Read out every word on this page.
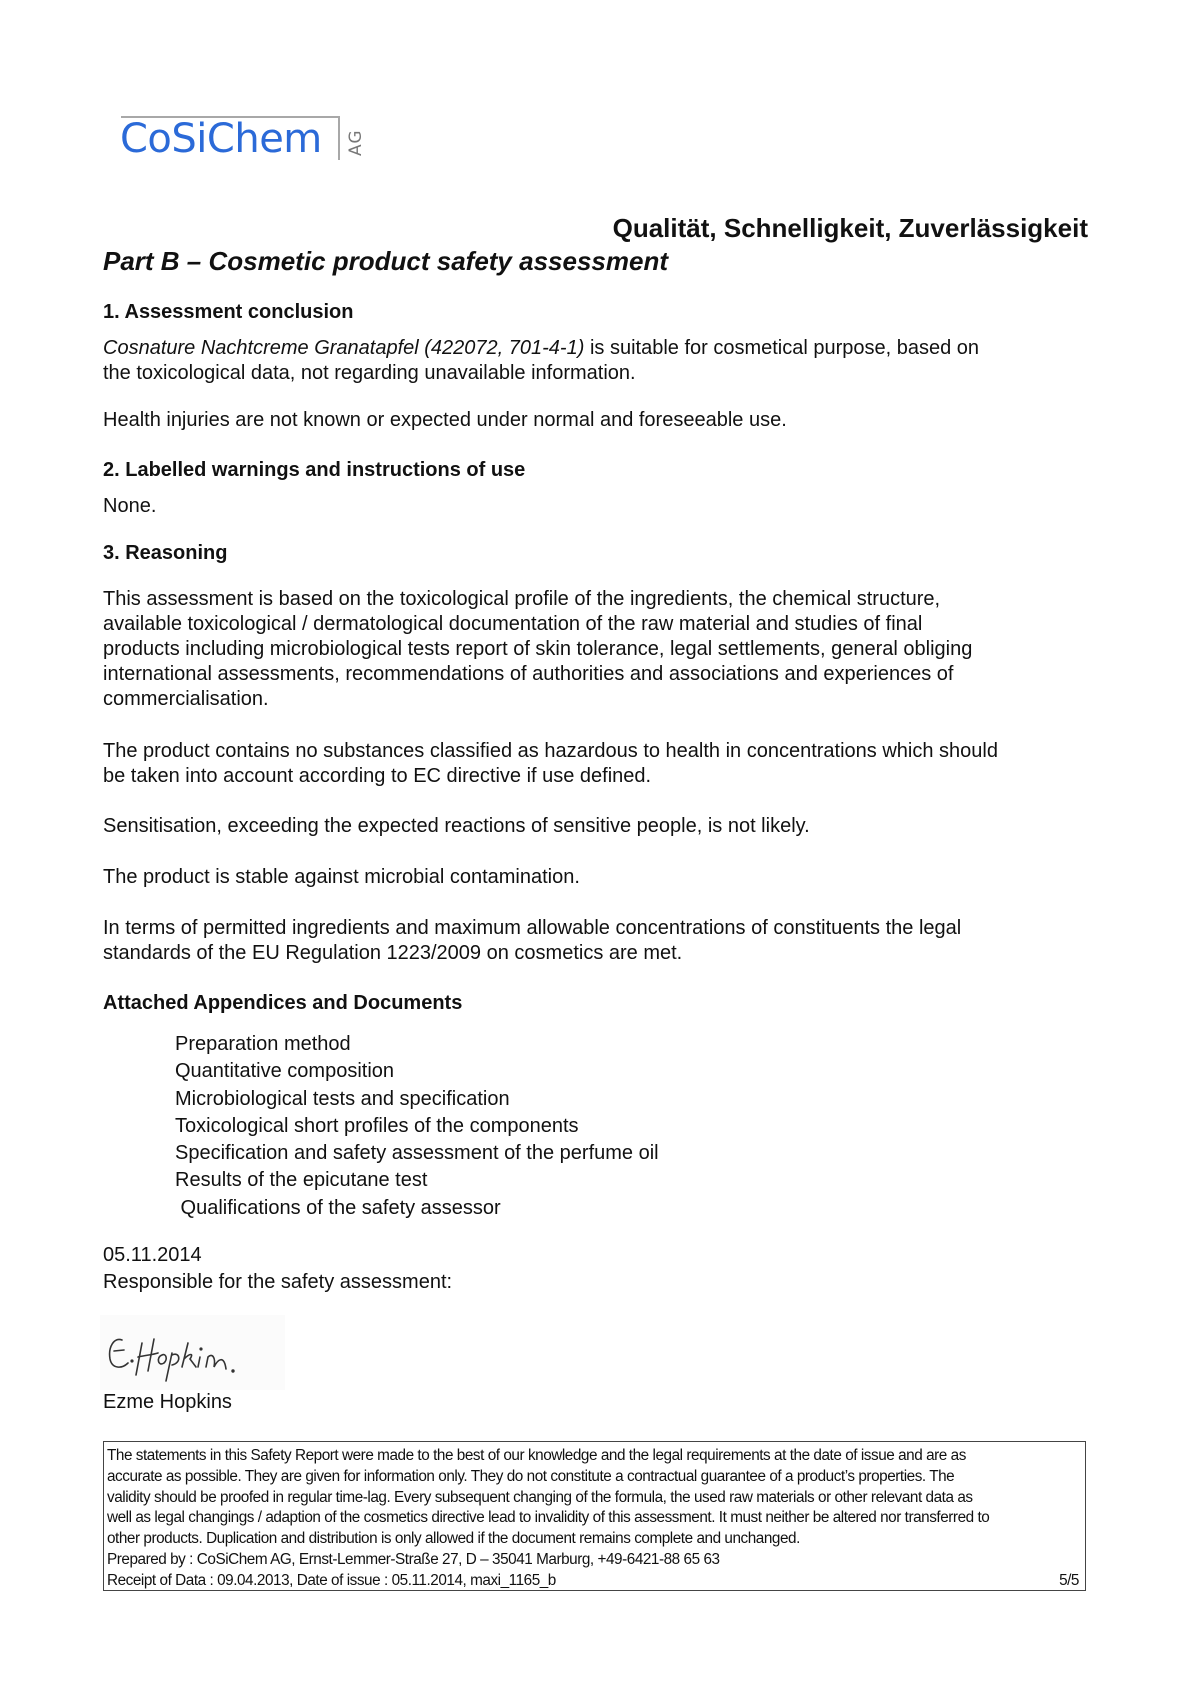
CoSiChem AG
Qualität, Schnelligkeit, Zuverlässigkeit
Part B – Cosmetic product safety assessment
1. Assessment conclusion
Cosnature Nachtcreme Granatapfel (422072, 701-4-1) is suitable for cosmetical purpose, based on
the toxicological data, not regarding unavailable information.
Health injuries are not known or expected under normal and foreseeable use.
2. Labelled warnings and instructions of use
None.
3. Reasoning
This assessment is based on the toxicological profile of the ingredients, the chemical structure,
available toxicological / dermatological documentation of the raw material and studies of final
products including microbiological tests report of skin tolerance, legal settlements, general obliging
international assessments, recommendations of authorities and associations and experiences of
commercialisation.
The product contains no substances classified as hazardous to health in concentrations which should
be taken into account according to EC directive if use defined.
Sensitisation, exceeding the expected reactions of sensitive people, is not likely.
The product is stable against microbial contamination.
In terms of permitted ingredients and maximum allowable concentrations of constituents the legal
standards of the EU Regulation 1223/2009 on cosmetics are met.
Attached Appendices and Documents
Preparation method
Quantitative composition
Microbiological tests and specification
Toxicological short profiles of the components
Specification and safety assessment of the perfume oil
Results of the epicutane test
Qualifications of the safety assessor
05.11.2014
Responsible for the safety assessment:
Ezme Hopkins
The statements in this Safety Report were made to the best of our knowledge and the legal requirements at the date of issue and are as
accurate as possible. They are given for information only. They do not constitute a contractual guarantee of a product’s properties. The
validity should be proofed in regular time-lag. Every subsequent changing of the formula, the used raw materials or other relevant data as
well as legal changings / adaption of the cosmetics directive lead to invalidity of this assessment. It must neither be altered nor transferred to
other products. Duplication and distribution is only allowed if the document remains complete and unchanged.
Prepared by : CoSiChem AG, Ernst-Lemmer-Straße 27, D – 35041 Marburg, +49-6421-88 65 63
Receipt of Data : 09.04.2013, Date of issue : 05.11.2014, maxi_1165_b	5/5
